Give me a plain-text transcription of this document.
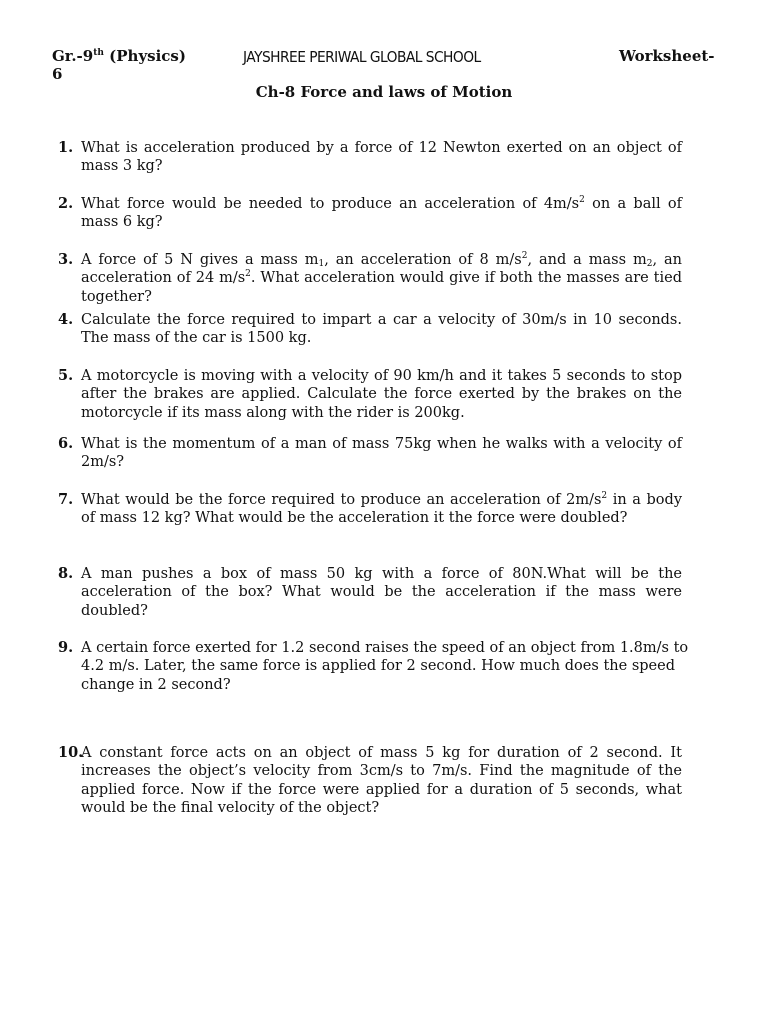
Gr.-9th (Physics)
6
JAYSHREE PERIWAL GLOBAL SCHOOL	Worksheet-
Ch-8 Force and laws of Motion
1. What is acceleration produced by a force of 12 Newton exerted on an object of mass 3 kg?
2. What force would be needed to produce an acceleration of $4m/s^2$ on a ball of mass 6 kg?
3. A force of 5 N gives a mass $m_1$, an acceleration of 8 $m/s^2$, and a mass $m_2$, an acceleration of 24 $m/s^2$. What acceleration would give if both the masses are tied together?
4. Calculate the force required to impart a car a velocity of 30m/s in 10 seconds. The mass of the car is 1500 kg.
5. A motorcycle is moving with a velocity of 90 km/h and it takes 5 seconds to stop after the brakes are applied. Calculate the force exerted by the brakes on the motorcycle if its mass along with the rider is 200kg.
6. What is the momentum of a man of mass 75kg when he walks with a velocity of 2m/s?
7. What would be the force required to produce an acceleration of $2m/s^2$ in a body of mass 12 kg? What would be the acceleration it the force were doubled?
8. A man pushes a box of mass 50 kg with a force of 80N.What will be the acceleration of the box? What would be the acceleration if the mass were doubled?
9. A certain force exerted for 1.2 second raises the speed of an object from 1.8m/s to
4.2 m/s. Later, the same force is applied for 2 second. How much does the speed change in 2 second?
10.
A constant force acts on an object of mass 5 kg for duration of 2 second. It increases the object’s velocity from 3cm/s to 7m/s. Find the magnitude of the applied force. Now if the force were applied for a duration of 5 seconds, what would be the final velocity of the object?
